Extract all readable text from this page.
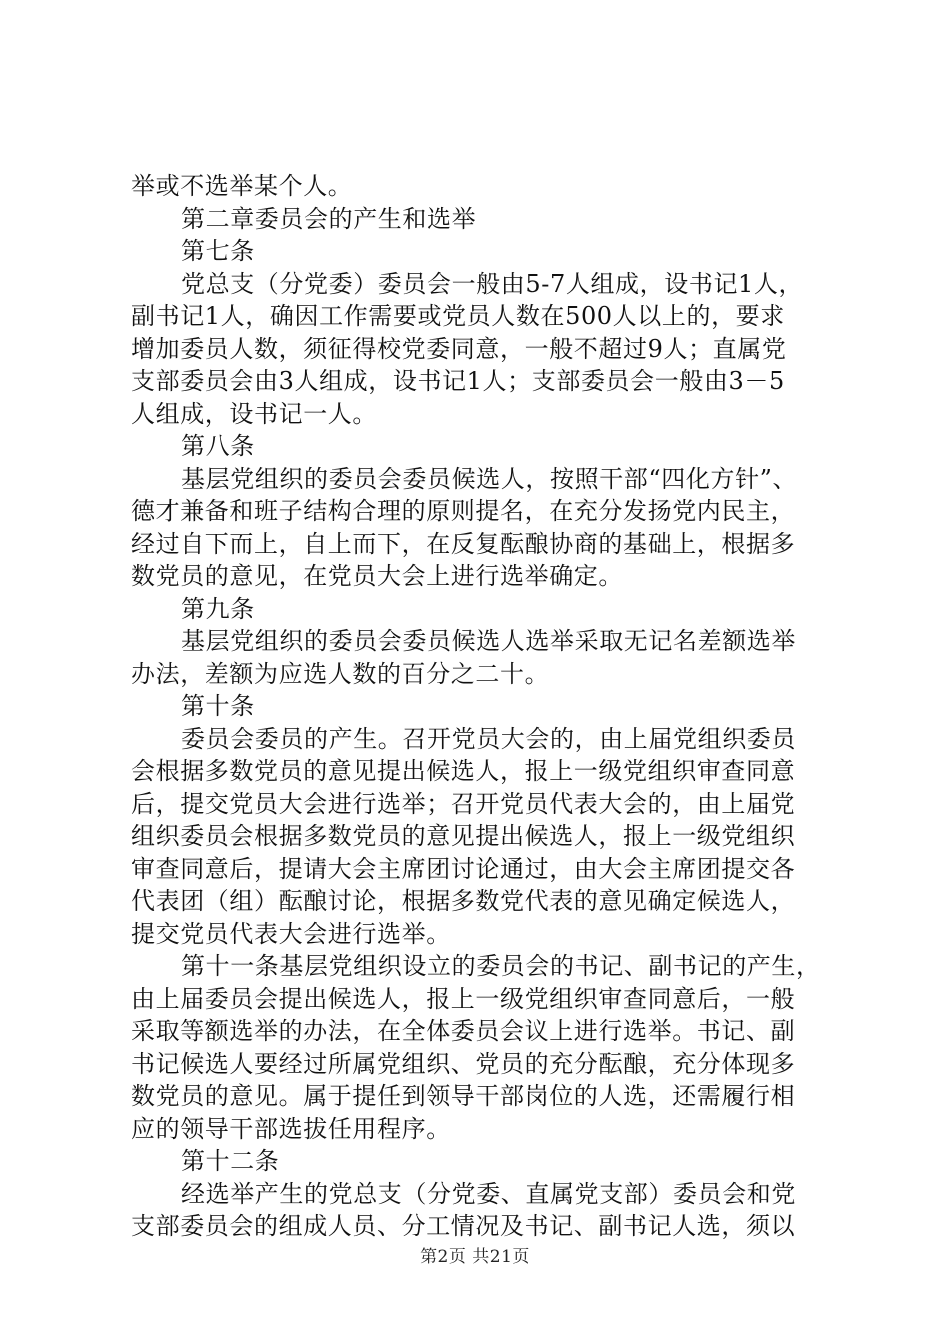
举或不选举某个人。

第二章委员会的产生和选举

第七条

党总支（分党委）委员会一般由5-7人组成，设书记1人，

副书记1人，确因工作需要或党员人数在500人以上的，要求

增加委员人数，须征得校党委同意，一般不超过9人；直属党

支部委员会由3人组成，设书记1人；支部委员会一般由3－5

人组成，设书记一人。

第八条

基层党组织的委员会委员候选人，按照干部“四化方针”、

德才兼备和班子结构合理的原则提名，在充分发扬党内民主，

经过自下而上，自上而下，在反复酝酿协商的基础上，根据多

数党员的意见，在党员大会上进行选举确定。

第九条

基层党组织的委员会委员候选人选举采取无记名差额选举

办法，差额为应选人数的百分之二十。

第十条

委员会委员的产生。召开党员大会的，由上届党组织委员

会根据多数党员的意见提出候选人，报上一级党组织审查同意

后，提交党员大会进行选举；召开党员代表大会的，由上届党

组织委员会根据多数党员的意见提出候选人，报上一级党组织

审查同意后，提请大会主席团讨论通过，由大会主席团提交各

代表团（组）酝酿讨论，根据多数党代表的意见确定候选人，

提交党员代表大会进行选举。

第十一条基层党组织设立的委员会的书记、副书记的产生，

由上届委员会提出候选人，报上一级党组织审查同意后，一般

采取等额选举的办法，在全体委员会议上进行选举。书记、副

书记候选人要经过所属党组织、党员的充分酝酿，充分体现多

数党员的意见。属于提任到领导干部岗位的人选，还需履行相

应的领导干部选拔任用程序。

第十二条

经选举产生的党总支（分党委、直属党支部）委员会和党

支部委员会的组成人员、分工情况及书记、副书记人选，须以

第2页 共21页
